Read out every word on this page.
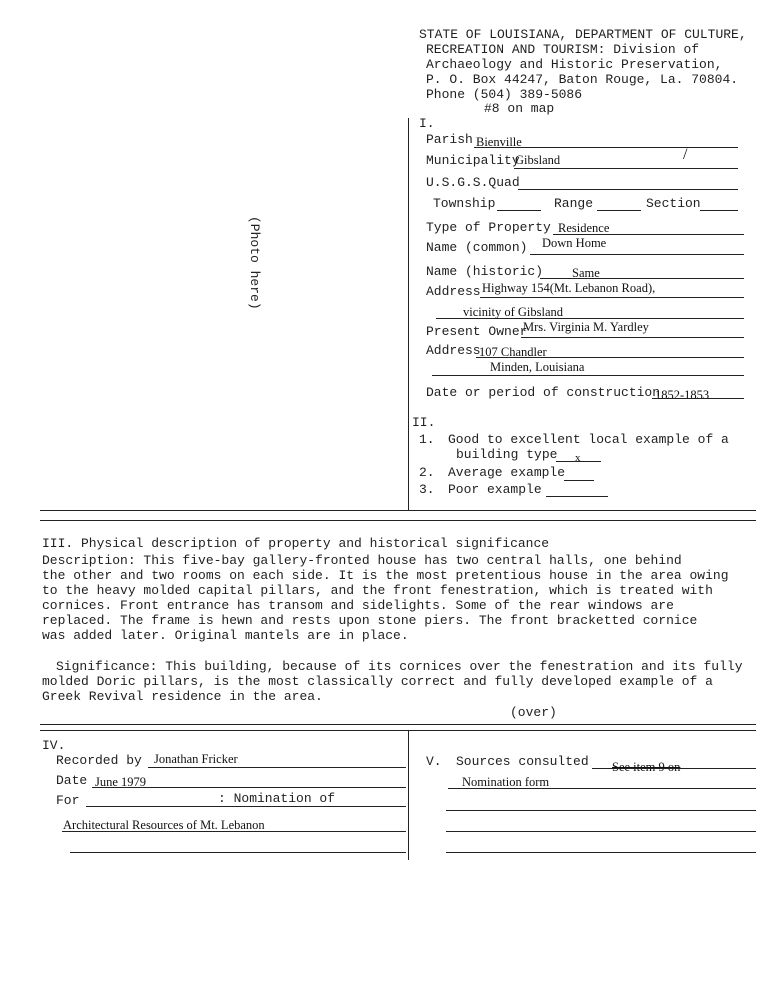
STATE OF LOUISIANA, DEPARTMENT OF CULTURE,
RECREATION AND TOURISM: Division of
Archaeology and Historic Preservation,
P. O. Box 44247, Baton Rouge, La. 70804.
Phone (504) 389-5086
#8 on map
(Photo here)
I.
Parish Bienville
Municipality
Gibsland	/
U.S.G.S.Quad
Township	Range	Section
Type of Property Residence
Name (common) Down Home
Name (historic) Same
Address Highway 154(Mt. Lebanon Road),
vicinity of Gibsland
Present Owner
Mrs. Virginia M. Yardley
Address
107 Chandler
Minden, Louisiana
Date or period of construction
1852-1853
II.
1. Good to excellent local example of a
building type x
2. Average example
3. Poor example
III. Physical description of property and historical significance
Description: This five-bay gallery-fronted house has two central halls, one behind
the other and two rooms on each side. It is the most pretentious house in the area owing
to the heavy molded capital pillars, and the front fenestration, which is treated with
cornices. Front entrance has transom and sidelights. Some of the rear windows are
replaced. The frame is hewn and rests upon stone piers. The front bracketted cornice
was added later. Original mantels are in place.
Significance: This building, because of its cornices over the fenestration and its fully
molded Doric pillars, is the most classically correct and fully developed example of a
Greek Revival residence in the area.
(over)
IV.
Recorded by Jonathan Fricker
Date June 1979
For	: Nomination of
Architectural Resources of Mt. Lebanon
V. Sources consulted See item 9 on
Nomination form
